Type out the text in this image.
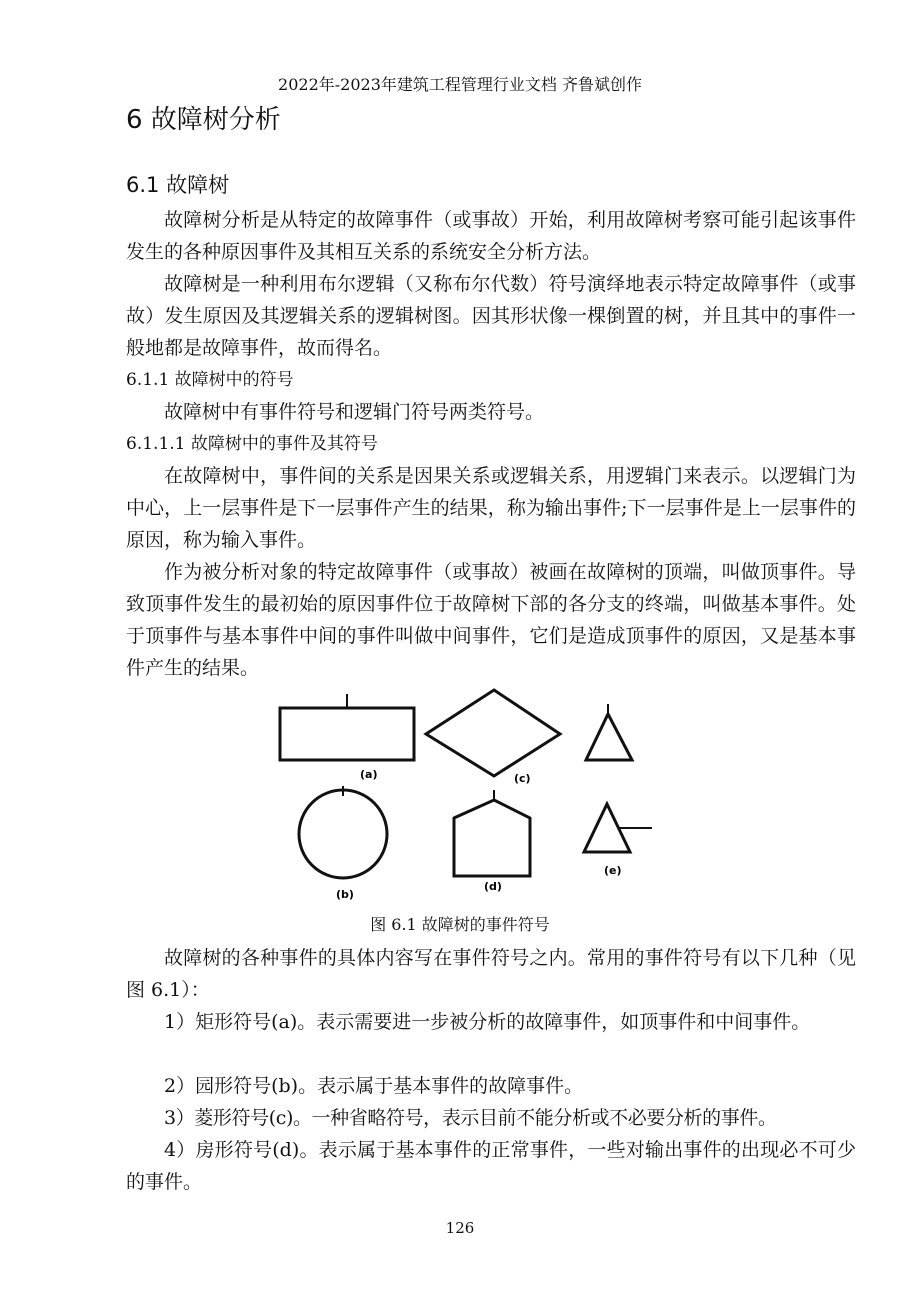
2022年-2023年建筑工程管理行业文档 齐鲁斌创作
6 故障树分析
6.1 故障树

故障树分析是从特定的故障事件（或事故）开始，利用故障树考察可能引起该事件发生的各种原因事件及其相互关系的系统安全分析方法。

故障树是一种利用布尔逻辑（又称布尔代数）符号演绎地表示特定故障事件（或事故）发生原因及其逻辑关系的逻辑树图。因其形状像一棵倒置的树，并且其中的事件一般地都是故障事件，故而得名。

6.1.1 故障树中的符号

故障树中有事件符号和逻辑门符号两类符号。

6.1.1.1 故障树中的事件及其符号

在故障树中，事件间的关系是因果关系或逻辑关系，用逻辑门来表示。以逻辑门为中心，上一层事件是下一层事件产生的结果，称为输出事件;下一层事件是上一层事件的原因，称为输入事件。

作为被分析对象的特定故障事件（或事故）被画在故障树的顶端，叫做顶事件。导致顶事件发生的最初始的原因事件位于故障树下部的各分支的终端，叫做基本事件。处于顶事件与基本事件中间的事件叫做中间事件，它们是造成顶事件的原因，又是基本事件产生的结果。

(a)	(c)
(b)
(d)
(e)
图 6.1 故障树的事件符号

故障树的各种事件的具体内容写在事件符号之内。常用的事件符号有以下几种（见图 6.1）：

1）矩形符号(a)。表示需要进一步被分析的故障事件，如顶事件和中间事件。

2）园形符号(b)。表示属于基本事件的故障事件。

3）菱形符号(c)。一种省略符号，表示目前不能分析或不必要分析的事件。

4）房形符号(d)。表示属于基本事件的正常事件，一些对输出事件的出现必不可少的事件。

126
